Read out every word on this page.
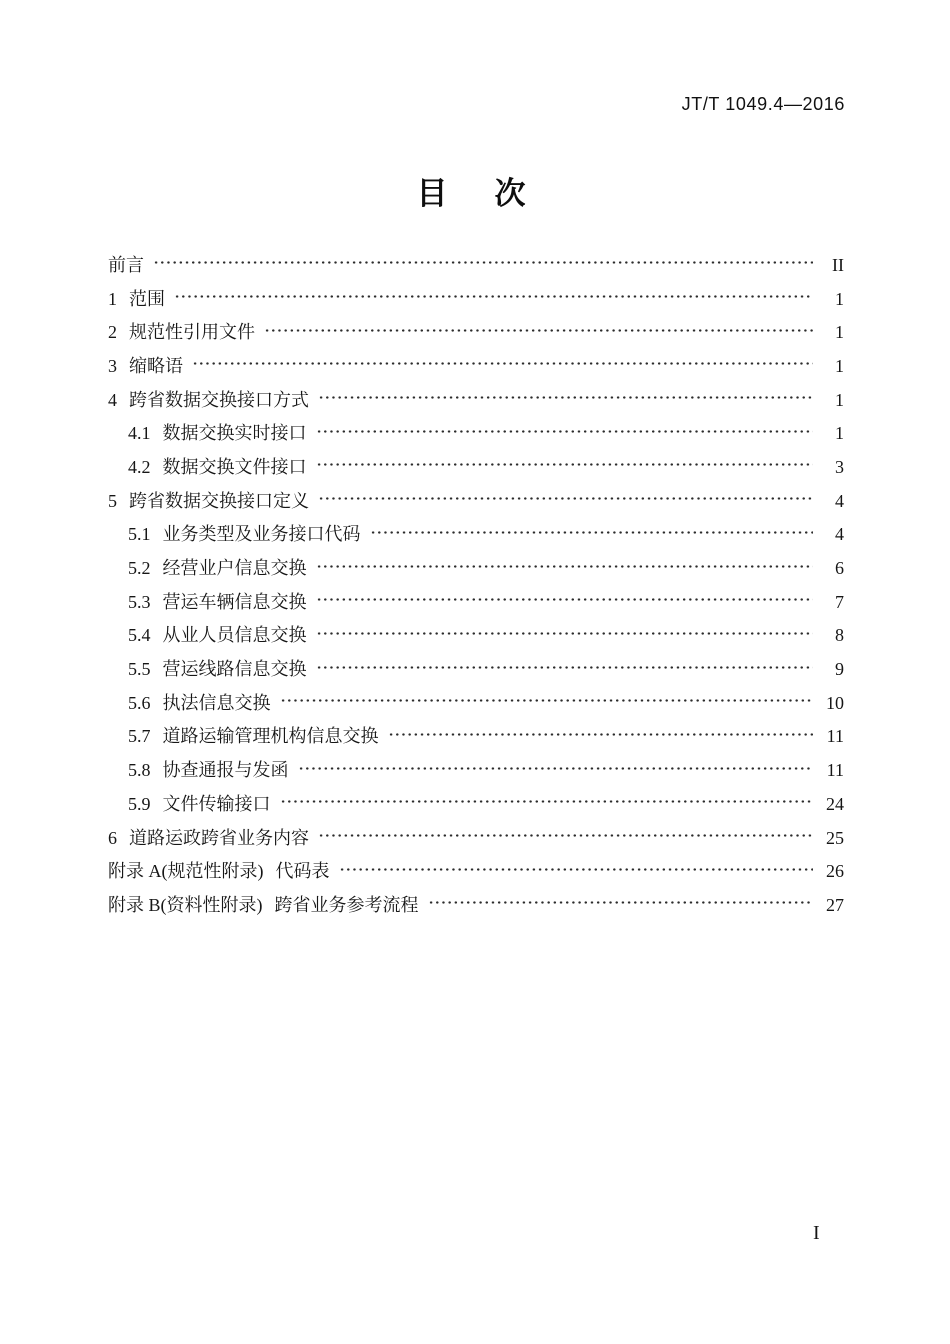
JT/T 1049.4—2016
目　次
前言	II
1 范围	1
2 规范性引用文件	1
3 缩略语	1
4 跨省数据交换接口方式	1
4.1 数据交换实时接口	1
4.2 数据交换文件接口	3
5 跨省数据交换接口定义	4
5.1 业务类型及业务接口代码	4
5.2 经营业户信息交换	6
5.3 营运车辆信息交换	7
5.4 从业人员信息交换	8
5.5 营运线路信息交换	9
5.6 执法信息交换	10
5.7 道路运输管理机构信息交换	11
5.8 协查通报与发函	11
5.9 文件传输接口	24
6 道路运政跨省业务内容	25
附录 A(规范性附录) 代码表	26
附录 B(资料性附录) 跨省业务参考流程	27
I
